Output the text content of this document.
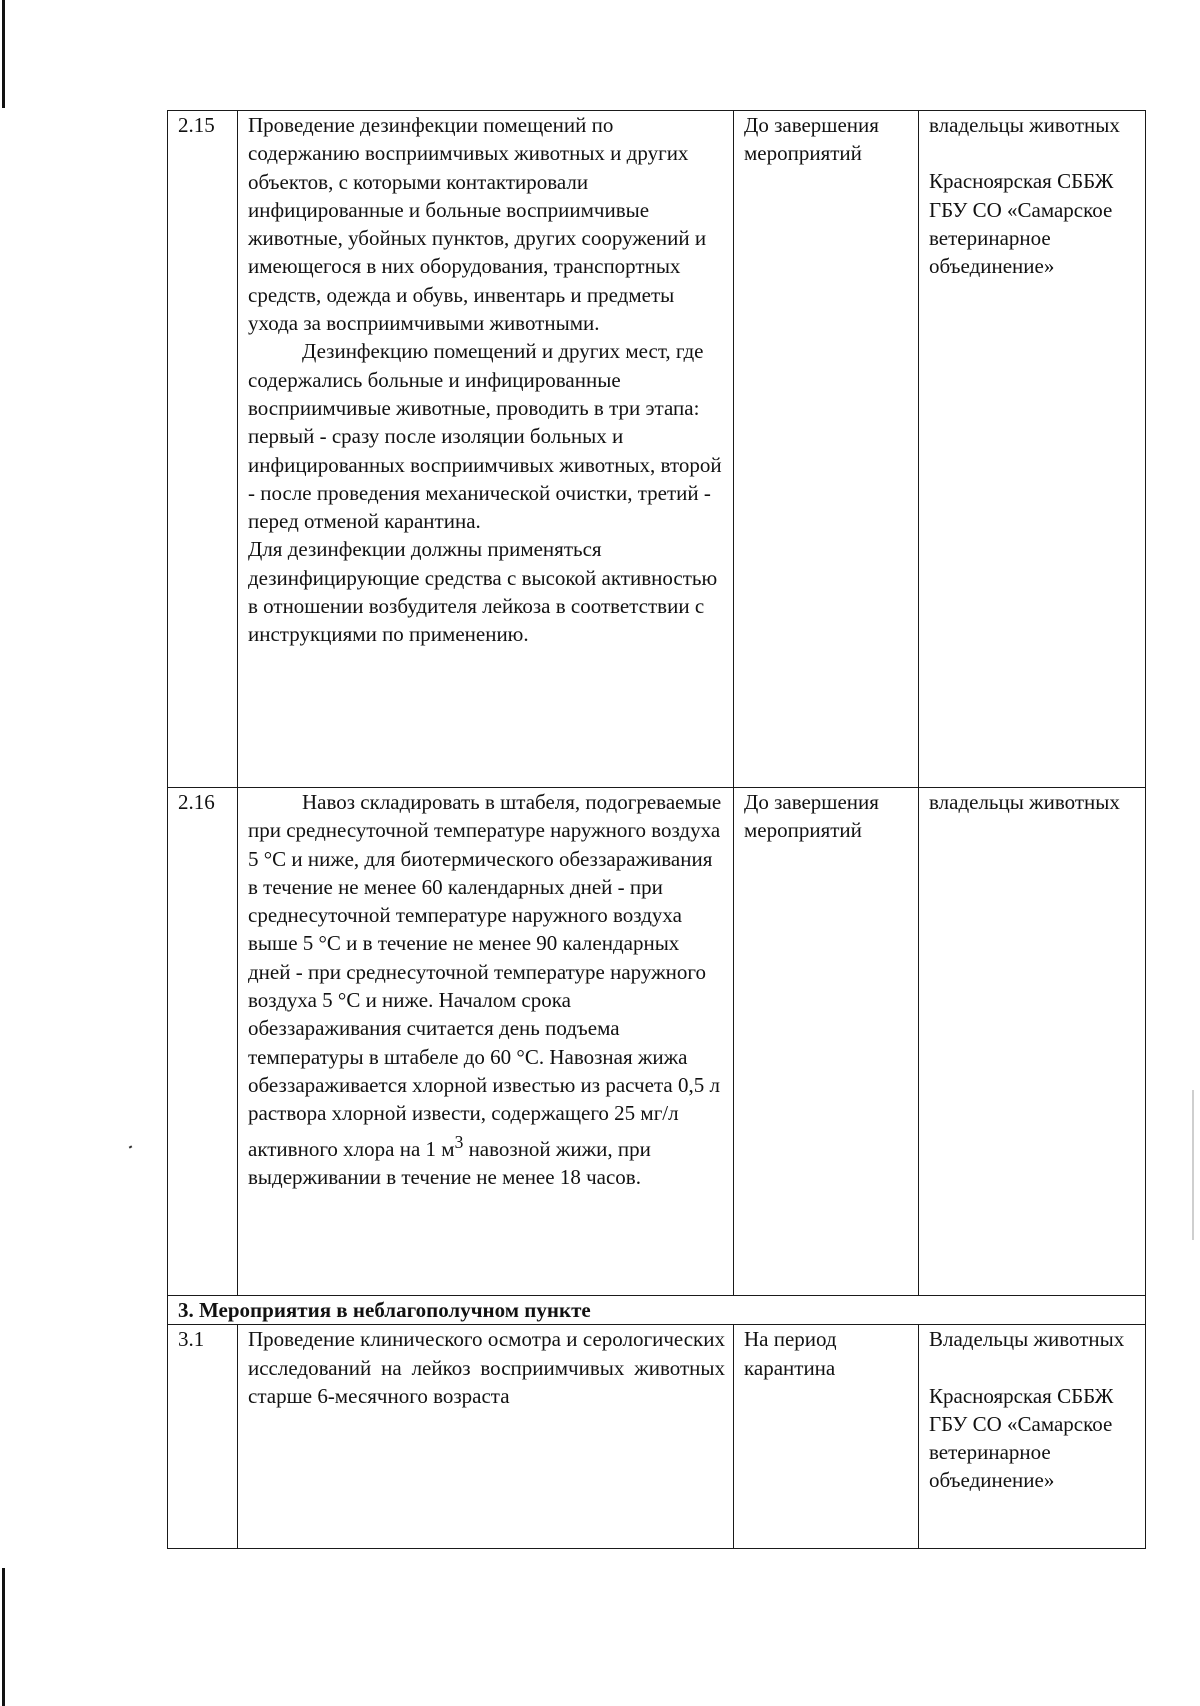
2.15	Проведение дезинфекции помещений по содержанию восприимчивых животных и других объектов, с которыми контактировали инфицированные и больные восприимчивые животные, убойных пунктов, других сооружений и имеющегося в них оборудования, транспортных средств, одежда и обувь, инвентарь и предметы ухода за восприимчивыми животными.
Дезинфекцию помещений и других мест, где содержались больные и инфицированные восприимчивые животные, проводить в три этапа: первый - сразу после изоляции больных и инфицированных восприимчивых животных, второй - после проведения механической очистки, третий - перед отменой карантина.
Для дезинфекции должны применяться дезинфицирующие средства с высокой активностью в отношении возбудителя лейкоза в соответствии с инструкциями по применению.	До завершения мероприятий	владельцы животных
Красноярская СББЖ ГБУ СО «Самарское ветеринарное объединение»

2.16	Навоз складировать в штабеля, подогреваемые при среднесуточной температуре наружного воздуха 5 °С и ниже, для биотермического обеззараживания в течение не менее 60 календарных дней - при среднесуточной температуре наружного воздуха выше 5 °С и в течение не менее 90 календарных дней - при среднесуточной температуре наружного воздуха 5 °С и ниже. Началом срока обеззараживания считается день подъема температуры в штабеле до 60 °С. Навозная жижа обеззараживается хлорной известью из расчета 0,5 л раствора хлорной извести, содержащего 25 мг/л активного хлора на 1 $м^3$ навозной жижи, при выдерживании в течение не менее 18 часов.	До завершения мероприятий	владельцы животных
3. Мероприятия в неблагополучном пункте			
3.1	Проведение клинического осмотра и серологических исследований на лейкоз восприимчивых животных старше 6-месячного возраста	На период карантина	Владельцы животных
Красноярская СББЖ ГБУ СО «Самарское ветеринарное объединение»
